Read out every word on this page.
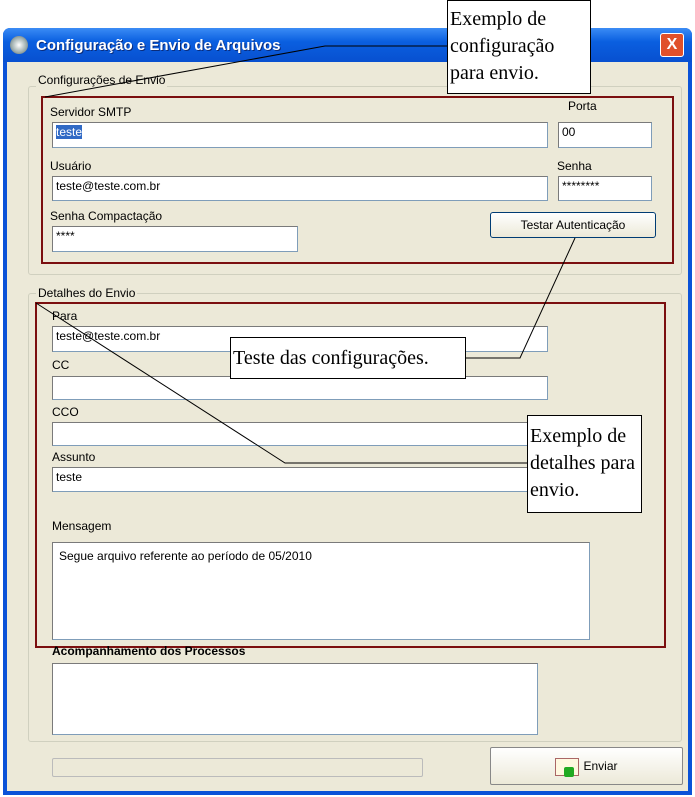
Configuração e Envio de Arquivos	X
Configurações de Envio
Servidor SMTP
teste
Porta
00
Usuário
teste@teste.com.br
Senha
********
Senha Compactação
****
Testar Autenticação
Detalhes do Envio
Para
teste@teste.com.br
CC
CCO
Assunto
teste
Mensagem
Segue arquivo referente ao período de 05/2010
Acompanhamento dos Processos
Enviar
Exemplo de configuração para envio.
Teste das configurações.
Exemplo de detalhes para envio.
